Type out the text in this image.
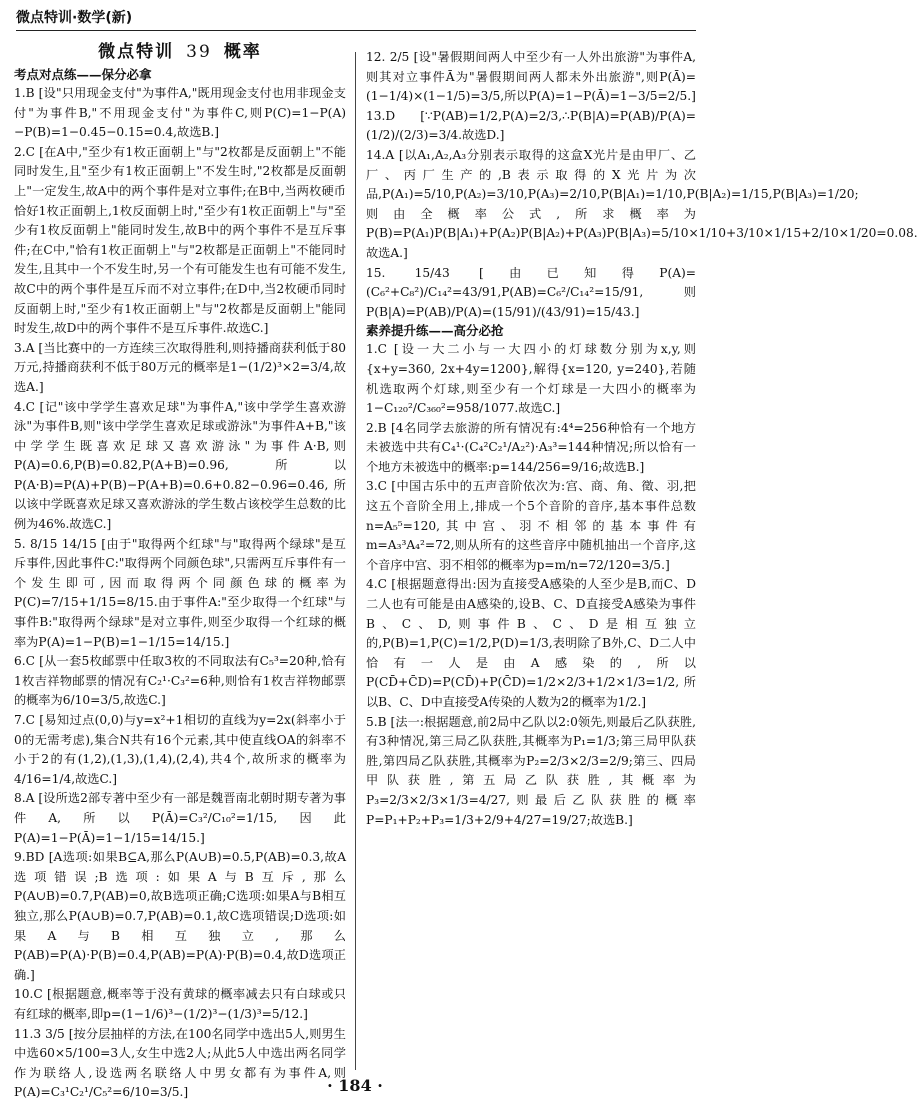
微点特训·数学(新)
微点特训 39 概率

考点对点练——保分必拿

1.B [设"只用现金支付"为事件A,"既用现金支付也用非现金支付"为事件B,"不用现金支付"为事件C,则P(C)=1−P(A)−P(B)=1−0.45−0.15=0.4,故选B.]

2.C [在A中,"至少有1枚正面朝上"与"2枚都是反面朝上"不能同时发生,且"至少有1枚正面朝上"不发生时,"2枚都是反面朝上"一定发生,故A中的两个事件是对立事件;在B中,当两枚硬币恰好1枚正面朝上,1枚反面朝上时,"至少有1枚正面朝上"与"至少有1枚反面朝上"能同时发生,故B中的两个事件不是互斥事件;在C中,"恰有1枚正面朝上"与"2枚都是正面朝上"不能同时发生,且其中一个不发生时,另一个有可能发生也有可能不发生,故C中的两个事件是互斥而不对立事件;在D中,当2枚硬币同时反面朝上时,"至少有1枚正面朝上"与"2枚都是反面朝上"能同时发生,故D中的两个事件不是互斥事件.故选C.]

3.A [当比赛中的一方连续三次取得胜利,则持播商获利低于80万元,持播商获利不低于80万元的概率是1−(1/2)³×2=3/4,故选A.]

4.C [记"该中学学生喜欢足球"为事件A,"该中学学生喜欢游泳"为事件B,则"该中学学生喜欢足球或游泳"为事件A+B,"该中学学生既喜欢足球又喜欢游泳"为事件A·B,则P(A)=0.6,P(B)=0.82,P(A+B)=0.96,所以P(A·B)=P(A)+P(B)−P(A+B)=0.6+0.82−0.96=0.46,所以该中学既喜欢足球又喜欢游泳的学生数占该校学生总数的比例为46%.故选C.]

5. 8/15 14/15 [由于"取得两个红球"与"取得两个绿球"是互斥事件,因此事件C:"取得两个同颜色球",只需两互斥事件有一个发生即可,因而取得两个同颜色球的概率为P(C)=7/15+1/15=8/15.由于事件A:"至少取得一个红球"与事件B:"取得两个绿球"是对立事件,则至少取得一个红球的概率为P(A)=1−P(B)=1−1/15=14/15.]

6.C [从一套5枚邮票中任取3枚的不同取法有C₅³=20种,恰有1枚吉祥物邮票的情况有C₂¹·C₃²=6种,则恰有1枚吉祥物邮票的概率为6/10=3/5,故选C.]

7.C [易知过点(0,0)与y=x²+1相切的直线为y=2x(斜率小于0的无需考虑),集合N共有16个元素,其中使直线OA的斜率不小于2的有(1,2),(1,3),(1,4),(2,4),共4个,故所求的概率为4/16=1/4,故选C.]

8.A [设所选2部专著中至少有一部是魏晋南北朝时期专著为事件A,所以P(Ā)=C₃²/C₁₀²=1/15,因此P(A)=1−P(Ā)=1−1/15=14/15.]

9.BD [A选项:如果B⊆A,那么P(A∪B)=0.5,P(AB)=0.3,故A选项错误;B选项:如果A与B互斥,那么P(A∪B)=0.7,P(AB)=0,故B选项正确;C选项:如果A与B相互独立,那么P(A∪B)=0.7,P(AB)=0.1,故C选项错误;D选项:如果A与B相互独立,那么P(AB)=P(A)·P(B)=0.4,P(AB)=P(A)·P(B)=0.4,故D选项正确.]

10.C [根据题意,概率等于没有黄球的概率减去只有白球或只有红球的概率,即p=(1−1/6)³−(1/2)³−(1/3)³=5/12.]

11.3 3/5 [按分层抽样的方法,在100名同学中选出5人,则男生中选60×5/100=3人,女生中选2人;从此5人中选出两名同学作为联络人,设选两名联络人中男女都有为事件A,则P(A)=C₃¹C₂¹/C₅²=6/10=3/5.]

12. 2/5 [设"暑假期间两人中至少有一人外出旅游"为事件A,则其对立事件Ā为"暑假期间两人都未外出旅游",则P(Ā)=(1−1/4)×(1−1/5)=3/5,所以P(A)=1−P(Ā)=1−3/5=2/5.]

13.D [∵P(AB)=1/2,P(A)=2/3,∴P(B|A)=P(AB)/P(A)=(1/2)/(2/3)=3/4.故选D.]

14.A [以A₁,A₂,A₃分别表示取得的这盒X光片是由甲厂、乙厂、丙厂生产的,B表示取得的X光片为次品,P(A₁)=5/10,P(A₂)=3/10,P(A₃)=2/10,P(B|A₁)=1/10,P(B|A₂)=1/15,P(B|A₃)=1/20;则由全概率公式,所求概率为P(B)=P(A₁)P(B|A₁)+P(A₂)P(B|A₂)+P(A₃)P(B|A₃)=5/10×1/10+3/10×1/15+2/10×1/20=0.08.故选A.]

15. 15/43 [由已知得P(A)=(C₆²+C₈²)/C₁₄²=43/91,P(AB)=C₆²/C₁₄²=15/91,则P(B|A)=P(AB)/P(A)=(15/91)/(43/91)=15/43.]

素养提升练——高分必抢

1.C [设一大二小与一大四小的灯球数分别为x,y,则{x+y=360, 2x+4y=1200},解得{x=120, y=240},若随机选取两个灯球,则至少有一个灯球是一大四小的概率为1−C₁₂₀²/C₃₆₀²=958/1077.故选C.]

2.B [4名同学去旅游的所有情况有:4⁴=256种恰有一个地方未被选中共有C₄¹·(C₄²C₂¹/A₂²)·A₃³=144种情况;所以恰有一个地方未被选中的概率:p=144/256=9/16;故选B.]

3.C [中国古乐中的五声音阶依次为:宫、商、角、徵、羽,把这五个音阶全用上,排成一个5个音阶的音序,基本事件总数n=A₅⁵=120,其中宫、羽不相邻的基本事件有m=A₃³A₄²=72,则从所有的这些音序中随机抽出一个音序,这个音序中宫、羽不相邻的概率为p=m/n=72/120=3/5.]

4.C [根据题意得出:因为直接受A感染的人至少是B,而C、D二人也有可能是由A感染的,设B、C、D直接受A感染为事件B、C、D,则事件B、C、D是相互独立的,P(B)=1,P(C)=1/2,P(D)=1/3,表明除了B外,C、D二人中恰有一人是由A感染的,所以P(CD̄+C̄D)=P(CD̄)+P(C̄D)=1/2×2/3+1/2×1/3=1/2,所以B、C、D中直接受A传染的人数为2的概率为1/2.]

5.B [法一:根据题意,前2局中乙队以2:0领先,则最后乙队获胜,有3种情况,第三局乙队获胜,其概率为P₁=1/3;第三局甲队获胜,第四局乙队获胜,其概率为P₂=2/3×2/3=2/9;第三、四局甲队获胜,第五局乙队获胜,其概率为P₃=2/3×2/3×1/3=4/27,则最后乙队获胜的概率P=P₁+P₂+P₃=1/3+2/9+4/27=19/27;故选B.]

· 184 ·
